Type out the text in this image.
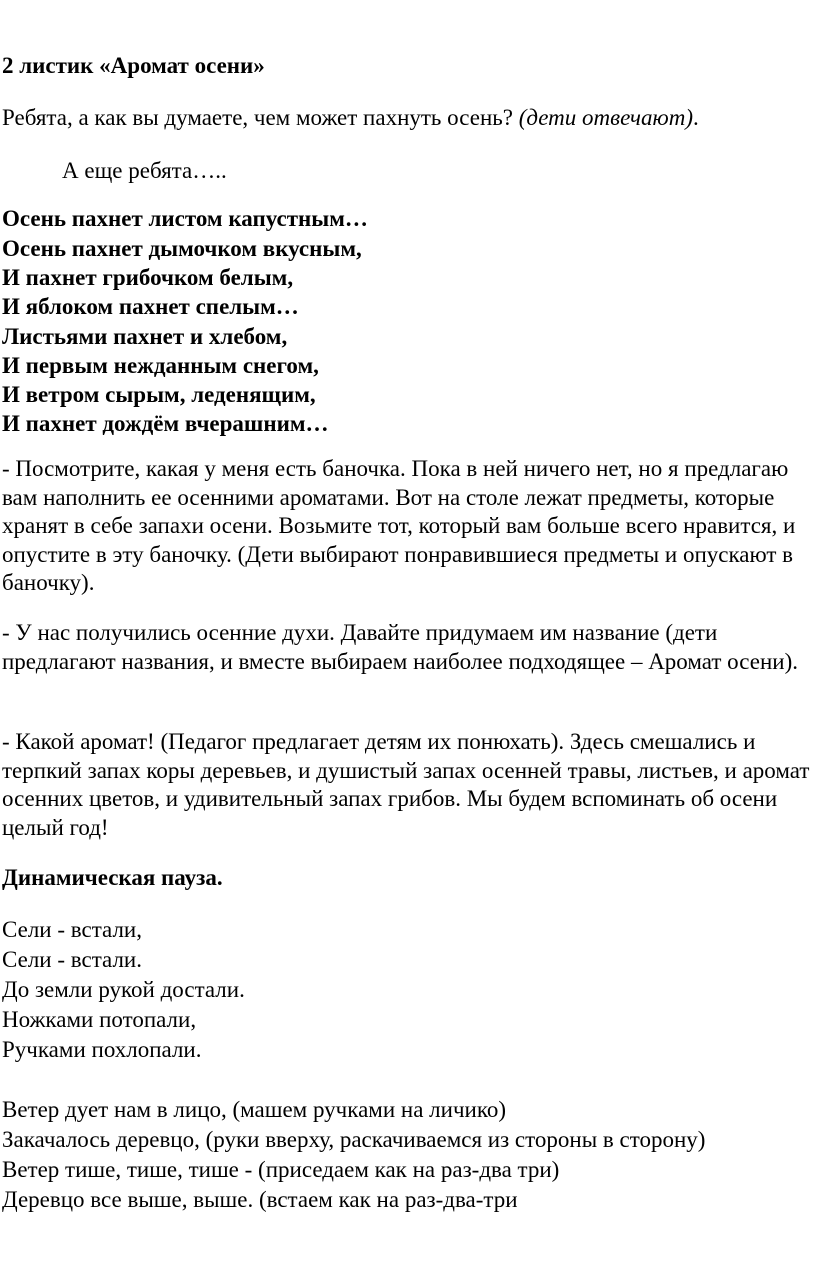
2 листик «Аромат осени»
Ребята, а как вы думаете, чем может пахнуть осень? (дети отвечают).
А еще ребята…..
Осень пахнет листом капустным…
Осень пахнет дымочком вкусным,
И пахнет грибочком белым,
И яблоком пахнет спелым…
Листьями пахнет и хлебом,
И первым нежданным снегом,
И ветром сырым, леденящим,
И пахнет дождём вчерашним…
- Посмотрите, какая у меня есть баночка. Пока в ней ничего нет, но я предлагаю вам наполнить ее осенними ароматами. Вот на столе лежат предметы, которые хранят в себе запахи осени. Возьмите тот, который вам больше всего нравится, и опустите в эту баночку. (Дети выбирают понравившиеся предметы и опускают в баночку).
- У нас получились осенние духи. Давайте придумаем им название (дети предлагают названия, и вместе выбираем наиболее подходящее – Аромат осени).
- Какой аромат! (Педагог предлагает детям их понюхать). Здесь смешались и терпкий запах коры деревьев, и душистый запах осенней травы, листьев, и аромат осенних цветов, и удивительный запах грибов. Мы будем вспоминать об осени целый год!
Динамическая пауза.
Сели - встали,
Сели - встали.
До земли рукой достали.
Ножками потопали,
Ручками похлопали.
Ветер дует нам в лицо, (машем ручками на личико)
Закачалось деревцо, (руки вверху, раскачиваемся из стороны в сторону)
Ветер тише, тише, тише - (приседаем как на раз-два три)
Деревцо все выше, выше. (встаем как на раз-два-три
